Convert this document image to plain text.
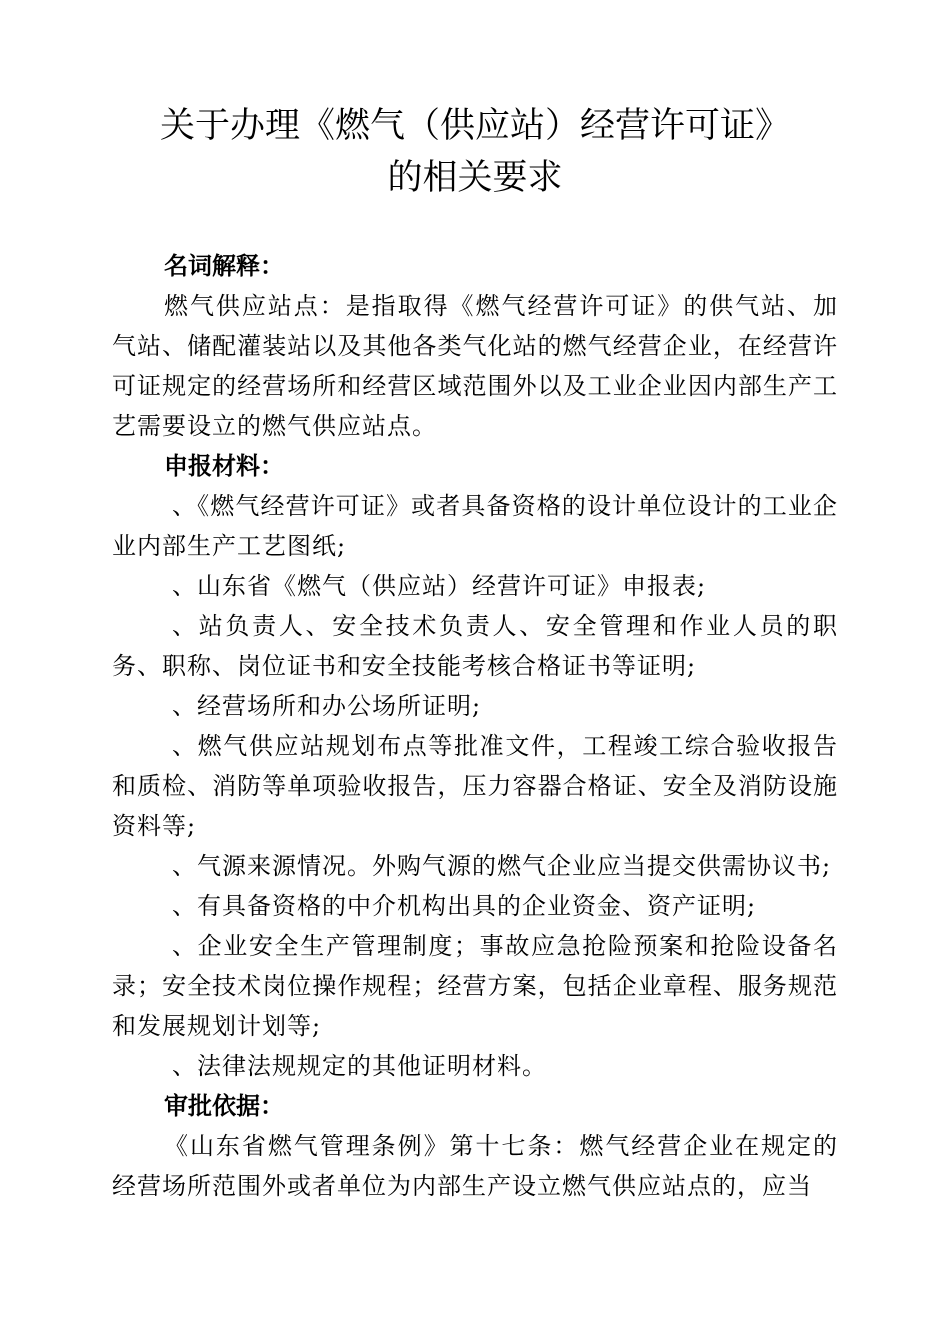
关于办理《燃气（供应站）经营许可证》
的相关要求

名词解释：

燃气供应站点：是指取得《燃气经营许可证》的供气站、加气站、储配灌装站以及其他各类气化站的燃气经营企业，在经营许可证规定的经营场所和经营区域范围外以及工业企业因内部生产工艺需要设立的燃气供应站点。

申报材料：

、《燃气经营许可证》或者具备资格的设计单位设计的工业企业内部生产工艺图纸;

、山东省《燃气（供应站）经营许可证》申报表;

、站负责人、安全技术负责人、安全管理和作业人员的职务、职称、岗位证书和安全技能考核合格证书等证明;

、经营场所和办公场所证明;

、燃气供应站规划布点等批准文件，工程竣工综合验收报告和质检、消防等单项验收报告，压力容器合格证、安全及消防设施资料等;

、气源来源情况。外购气源的燃气企业应当提交供需协议书;

、有具备资格的中介机构出具的企业资金、资产证明;

、企业安全生产管理制度；事故应急抢险预案和抢险设备名录；安全技术岗位操作规程；经营方案，包括企业章程、服务规范和发展规划计划等;

、法律法规规定的其他证明材料。

审批依据：

《山东省燃气管理条例》第十七条：燃气经营企业在规定的经营场所范围外或者单位为内部生产设立燃气供应站点的，应当
